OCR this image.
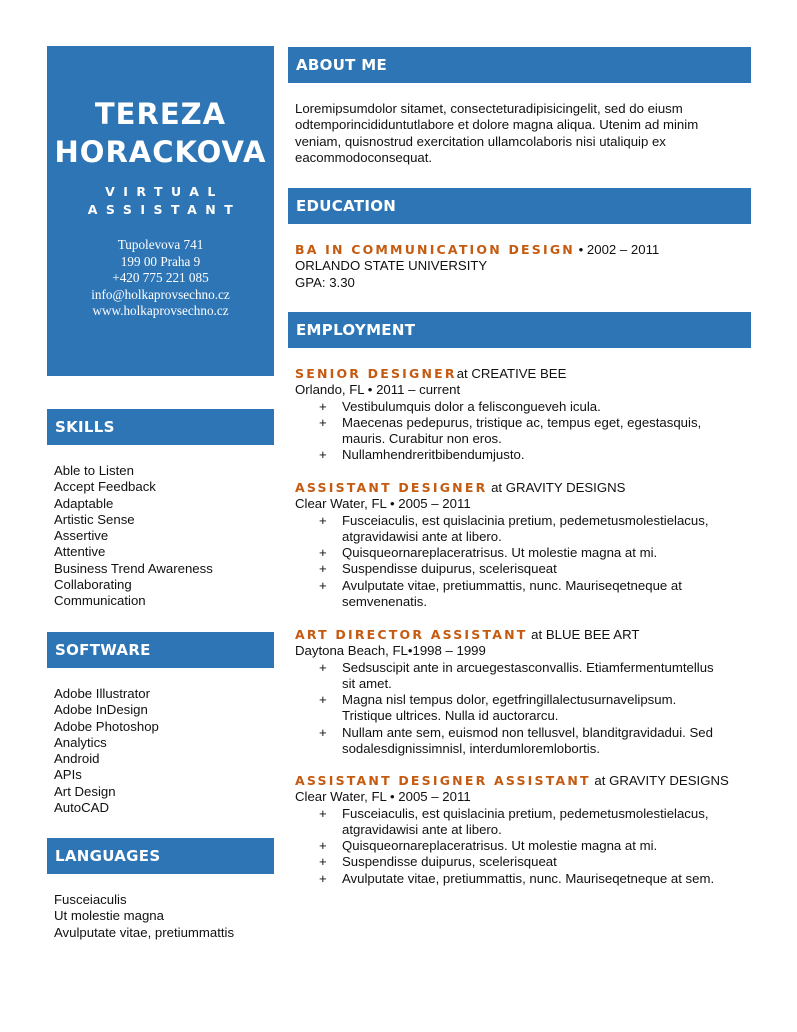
TEREZA
HORACKOVA
VIRTUAL
ASSISTANT
Tupolevova 741
199 00 Praha 9
+420 775 221 085
info@holkaprovsechno.cz
www.holkaprovsechno.cz
SKILLS
Able to Listen
Accept Feedback
Adaptable
Artistic Sense
Assertive
Attentive
Business Trend Awareness
Collaborating
Communication
SOFTWARE
Adobe Illustrator
Adobe InDesign
Adobe Photoshop
Analytics
Android
APIs
Art Design
AutoCAD
LANGUAGES
Fusceiaculis
Ut molestie magna
Avulputate vitae, pretiummattis
ABOUT ME
Loremipsumdolor sitamet, consecteturadipisicingelit, sed do eiusm
odtemporincididuntutlabore et dolore magna aliqua. Utenim ad minim
veniam, quisnostrud exercitation ullamcolaboris nisi utaliquip ex
eacommodoconsequat.
EDUCATION
BA IN COMMUNICATION DESIGN • 2002 – 2011
ORLANDO STATE UNIVERSITY
GPA: 3.30
EMPLOYMENT
SENIOR DESIGNERat CREATIVE BEE
Orlando, FL • 2011 – current
+ Vestibulumquis dolor a feliscongueveh icula.
+ Maecenas pedepurus, tristique ac, tempus eget, egestasquis,
mauris. Curabitur non eros.
+ Nullamhendreritbibendumjusto.
ASSISTANT DESIGNER at GRAVITY DESIGNS
Clear Water, FL • 2005 – 2011
+ Fusceiaculis, est quislacinia pretium, pedemetusmolestielacus,
atgravidawisi ante at libero.
+ Quisqueornareplaceratrisus. Ut molestie magna at mi.
+ Suspendisse duipurus, scelerisqueat
+ Avulputate vitae, pretiummattis, nunc. Mauriseqetneque at
semvenenatis.
ART DIRECTOR ASSISTANT at BLUE BEE ART
Daytona Beach, FL•1998 – 1999
+ Sedsuscipit ante in arcuegestasconvallis. Etiamfermentumtellus
sit amet.
+ Magna nisl tempus dolor, egetfringillalectusurnavelipsum.
Tristique ultrices. Nulla id auctorarcu.
+ Nullam ante sem, euismod non tellusvel, blanditgravidadui. Sed
sodalesdignissimnisl, interdumloremlobortis.
ASSISTANT DESIGNER ASSISTANT at GRAVITY DESIGNS
Clear Water, FL • 2005 – 2011
+ Fusceiaculis, est quislacinia pretium, pedemetusmolestielacus,
atgravidawisi ante at libero.
+ Quisqueornareplaceratrisus. Ut molestie magna at mi.
+ Suspendisse duipurus, scelerisqueat
+ Avulputate vitae, pretiummattis, nunc. Mauriseqetneque at sem.
